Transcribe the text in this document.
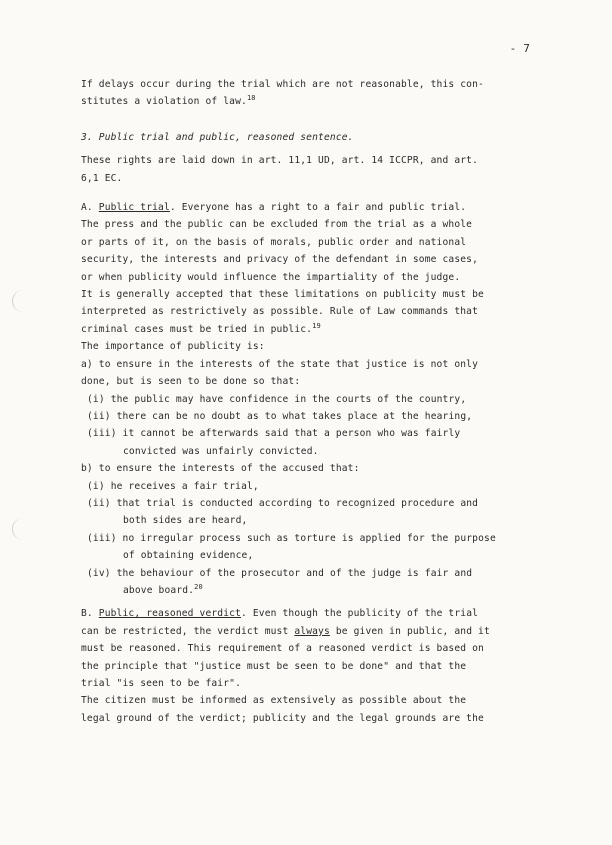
- 7
If delays occur during the trial which are not reasonable, this con-
stitutes a violation of law.$^{18}$
3. Public trial and public, reasoned sentence.
These rights are laid down in art. 11,1 UD, art. 14 ICCPR, and art.
6,1 EC.
A. Public trial. Everyone has a right to a fair and public trial.
The press and the public can be excluded from the trial as a whole
or parts of it, on the basis of morals, public order and national
security, the interests and privacy of the defendant in some cases,
or when publicity would influence the impartiality of the judge.
It is generally accepted that these limitations on publicity must be
interpreted as restrictively as possible. Rule of Law commands that
criminal cases must be tried in public.$^{19}$
The importance of publicity is:
a) to ensure in the interests of the state that justice is not only
done, but is seen to be done so that:
(i) the public may have confidence in the courts of the country,
(ii) there can be no doubt as to what takes place at the hearing,
(iii) it cannot be afterwards said that a person who was fairly
convicted was unfairly convicted.
b) to ensure the interests of the accused that:
(i) he receives a fair trial,
(ii) that trial is conducted according to recognized procedure and
both sides are heard,
(iii) no irregular process such as torture is applied for the purpose
of obtaining evidence,
(iv) the behaviour of the prosecutor and of the judge is fair and
above board.$^{20}$
B. Public, reasoned verdict. Even though the publicity of the trial
can be restricted, the verdict must always be given in public, and it
must be reasoned. This requirement of a reasoned verdict is based on
the principle that "justice must be seen to be done" and that the
trial "is seen to be fair".
The citizen must be informed as extensively as possible about the
legal ground of the verdict; publicity and the legal grounds are the
